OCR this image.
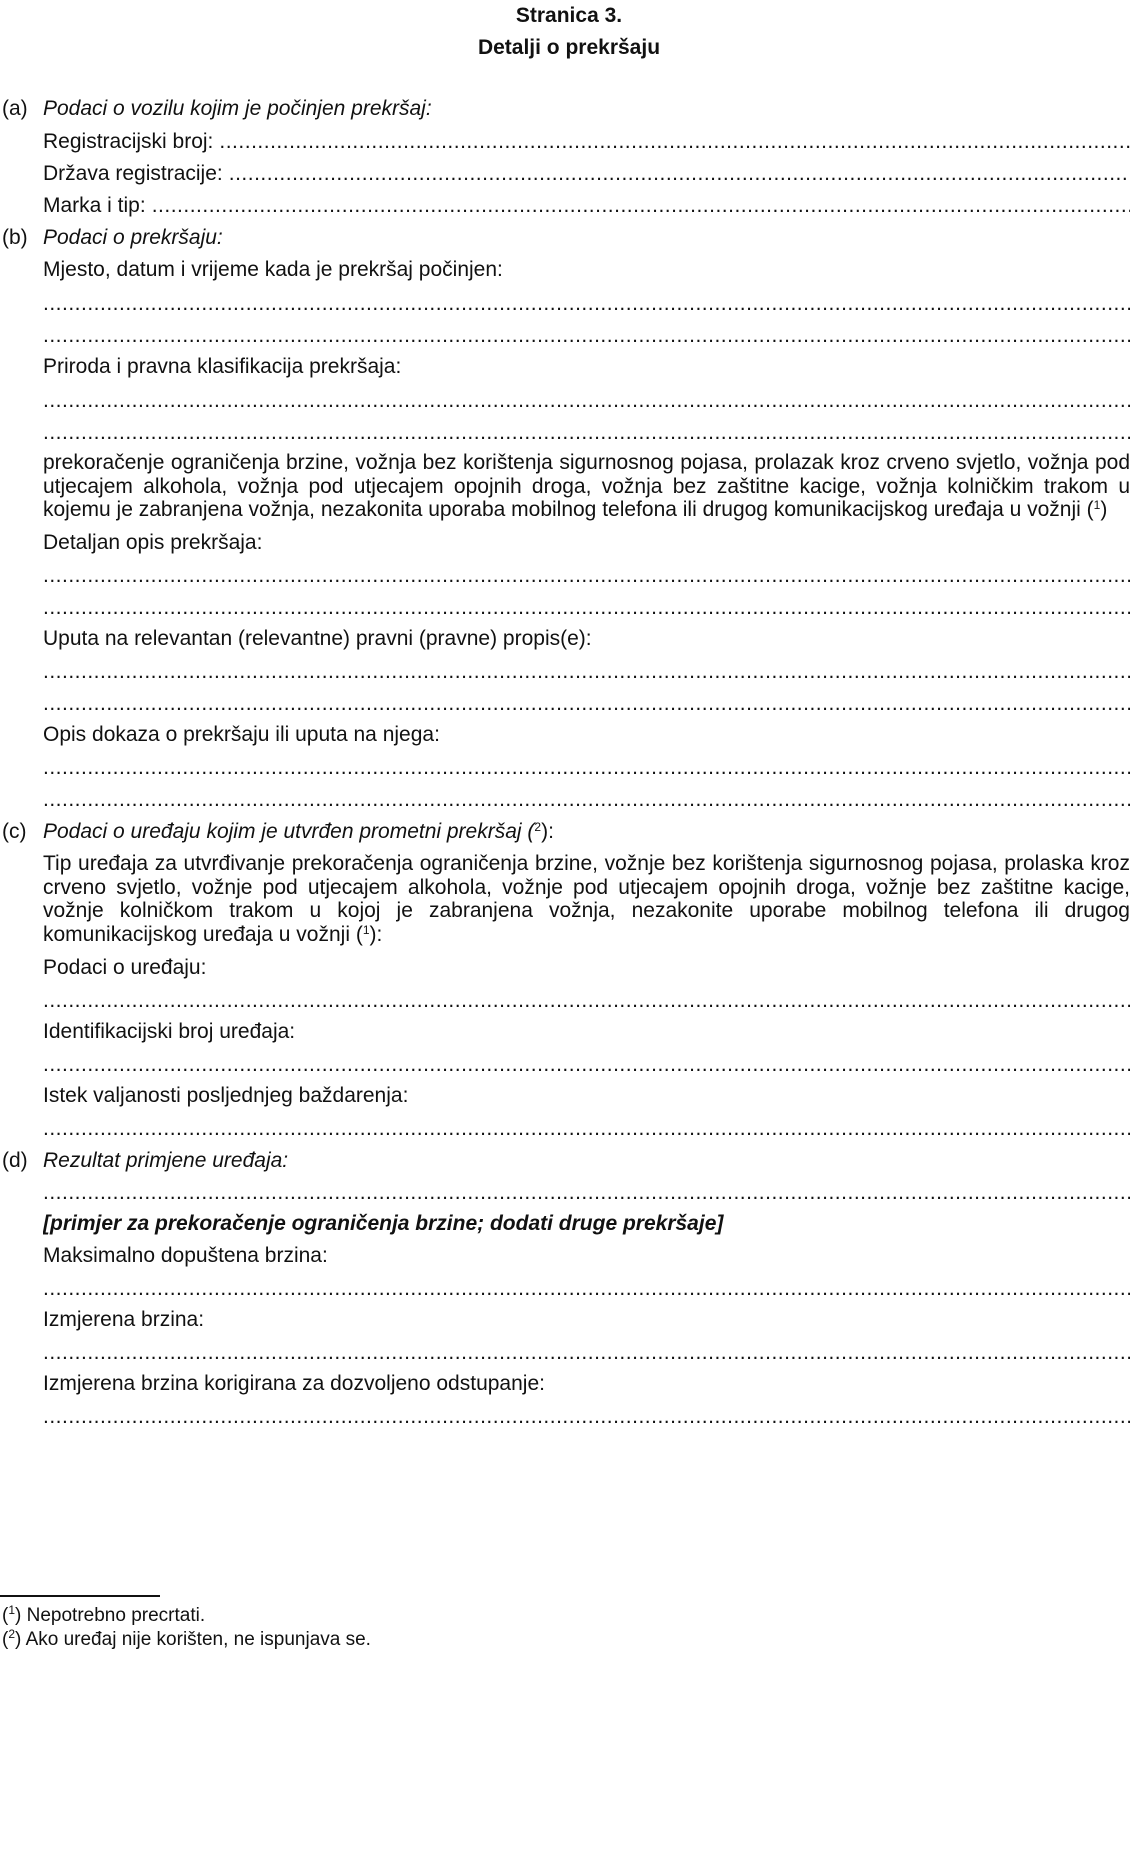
Stranica 3.
Detalji o prekršaju
(a) Podaci o vozilu kojim je počinjen prekršaj:
Registracijski broj:
.....
Država registracije:
.....
Marka i tip:
.....
(b) Podaci o prekršaju:
Mjesto, datum i vrijeme kada je prekršaj počinjen:
.....
.....
Priroda i pravna klasifikacija prekršaja:
.....
.....
prekoračenje ograničenja brzine, vožnja bez korištenja sigurnosnog pojasa, prolazak kroz crveno svjetlo, vožnja pod utjecajem alkohola, vožnja pod utjecajem opojnih droga, vožnja bez zaštitne kacige, vožnja kolničkim trakom u kojemu je zabranjena vožnja, nezakonita uporaba mobilnog telefona ili drugog komunikacijskog uređaja u vožnji ($^1$)
Detaljan opis prekršaja:
.....
.....
Uputa na relevantan (relevantne) pravni (pravne) propis(e):
.....
.....
Opis dokaza o prekršaju ili uputa na njega:
.....
.....
(c) Podaci o uređaju kojim je utvrđen prometni prekršaj ($^2$):
Tip uređaja za utvrđivanje prekoračenja ograničenja brzine, vožnje bez korištenja sigurnosnog pojasa, prolaska kroz crveno svjetlo, vožnje pod utjecajem alkohola, vožnje pod utjecajem opojnih droga, vožnje bez zaštitne kacige, vožnje kolničkom trakom u kojoj je zabranjena vožnja, nezakonite uporabe mobilnog telefona ili drugog komunikacijskog uređaja u vožnji ($^1$):
Podaci o uređaju:
.....
Identifikacijski broj uređaja:
.....
Istek valjanosti posljednjeg baždarenja:
.....
(d) Rezultat primjene uređaja:
.....
[primjer za prekoračenje ograničenja brzine; dodati druge prekršaje]
Maksimalno dopuštena brzina:
.....
Izmjerena brzina:
.....
Izmjerena brzina korigirana za dozvoljeno odstupanje:
.....
($^1$) Nepotrebno precrtati.
($^2$) Ako uređaj nije korišten, ne ispunjava se.
